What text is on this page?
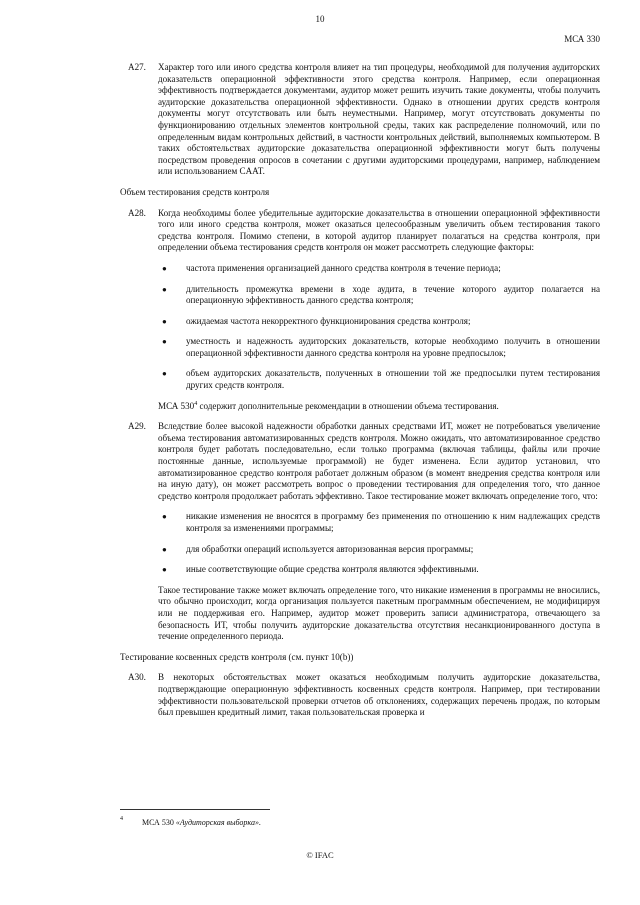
10
МСА 330
A27. Характер того или иного средства контроля влияет на тип процедуры, необходимой для получения аудиторских доказательств операционной эффективности этого средства контроля. Например, если операционная эффективность подтверждается документами, аудитор может решить изучить такие документы, чтобы получить аудиторские доказательства операционной эффективности. Однако в отношении других средств контроля документы могут отсутствовать или быть неуместными. Например, могут отсутствовать документы по функционированию отдельных элементов контрольной среды, таких как распределение полномочий, или по определенным видам контрольных действий, в частности контрольных действий, выполняемых компьютером. В таких обстоятельствах аудиторские доказательства операционной эффективности могут быть получены посредством проведения опросов в сочетании с другими аудиторскими процедурами, например, наблюдением или использованием CAAT.
Объем тестирования средств контроля
A28. Когда необходимы более убедительные аудиторские доказательства в отношении операционной эффективности того или иного средства контроля, может оказаться целесообразным увеличить объем тестирования такого средства контроля. Помимо степени, в которой аудитор планирует полагаться на средства контроля, при определении объема тестирования средств контроля он может рассмотреть следующие факторы:
● частота применения организацией данного средства контроля в течение периода;
● длительность промежутка времени в ходе аудита, в течение которого аудитор полагается на операционную эффективность данного средства контроля;
● ожидаемая частота некорректного функционирования средства контроля;
● уместность и надежность аудиторских доказательств, которые необходимо получить в отношении операционной эффективности данного средства контроля на уровне предпосылок;
● объем аудиторских доказательств, полученных в отношении той же предпосылки путем тестирования других средств контроля.
МСА $530^4$ содержит дополнительные рекомендации в отношении объема тестирования.
A29. Вследствие более высокой надежности обработки данных средствами ИТ, может не потребоваться увеличение объема тестирования автоматизированных средств контроля. Можно ожидать, что автоматизированное средство контроля будет работать последовательно, если только программа (включая таблицы, файлы или прочие постоянные данные, используемые программой) не будет изменена. Если аудитор установил, что автоматизированное средство контроля работает должным образом (в момент внедрения средства контроля или на иную дату), он может рассмотреть вопрос о проведении тестирования для определения того, что данное средство контроля продолжает работать эффективно. Такое тестирование может включать определение того, что:
● никакие изменения не вносятся в программу без применения по отношению к ним надлежащих средств контроля за изменениями программы;
● для обработки операций используется авторизованная версия программы;
● иные соответствующие общие средства контроля являются эффективными.
Такое тестирование также может включать определение того, что никакие изменения в программы не вносились, что обычно происходит, когда организация пользуется пакетным программным обеспечением, не модифицируя или не поддерживая его. Например, аудитор может проверить записи администратора, отвечающего за безопасность ИТ, чтобы получить аудиторские доказательства отсутствия несанкционированного доступа в течение определенного периода.
Тестирование косвенных средств контроля (см. пункт 10(b))
A30. В некоторых обстоятельствах может оказаться необходимым получить аудиторские доказательства, подтверждающие операционную эффективность косвенных средств контроля. Например, при тестировании эффективности пользовательской проверки отчетов об отклонениях, содержащих перечень продаж, по которым был превышен кредитный лимит, такая пользовательская проверка и
4 МСА 530 «Аудиторская выборка».
© IFAC
